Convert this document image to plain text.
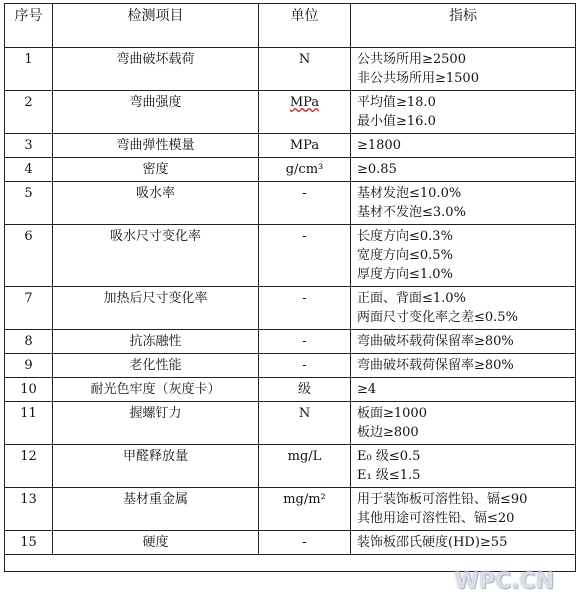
序号	检测项目	单位	指标
1	弯曲破坏载荷	N	公共场所用≥2500
非公共场所用≥1500

2	弯曲强度	MPa	平均值≥18.0
最小值≥16.0

3	弯曲弹性模量	MPa	≥1800

4	密度	g/cm³	≥0.85

5	吸水率	-	基材发泡≤10.0%
基材不发泡≤3.0%

6	吸水尺寸变化率	-	长度方向≤0.3%
宽度方向≤0.5%
厚度方向≤1.0%

7	加热后尺寸变化率	-	正面、背面≤1.0%
两面尺寸变化率之差≤0.5%

8	抗冻融性	-	弯曲破坏载荷保留率≥80%

9	老化性能	-	弯曲破坏载荷保留率≥80%

10	耐光色牢度（灰度卡）	级	≥4

11	握螺钉力	N	板面≥1000
板边≥800

12	甲醛释放量	mg/L	E₀ 级≤0.5
E₁ 级≤1.5

13	基材重金属	mg/m²	用于装饰板可溶性铅、镉≤90
其他用途可溶性铅、镉≤20

15	硬度	-	装饰板邵氏硬度(HD)≥55

WPC.CN
